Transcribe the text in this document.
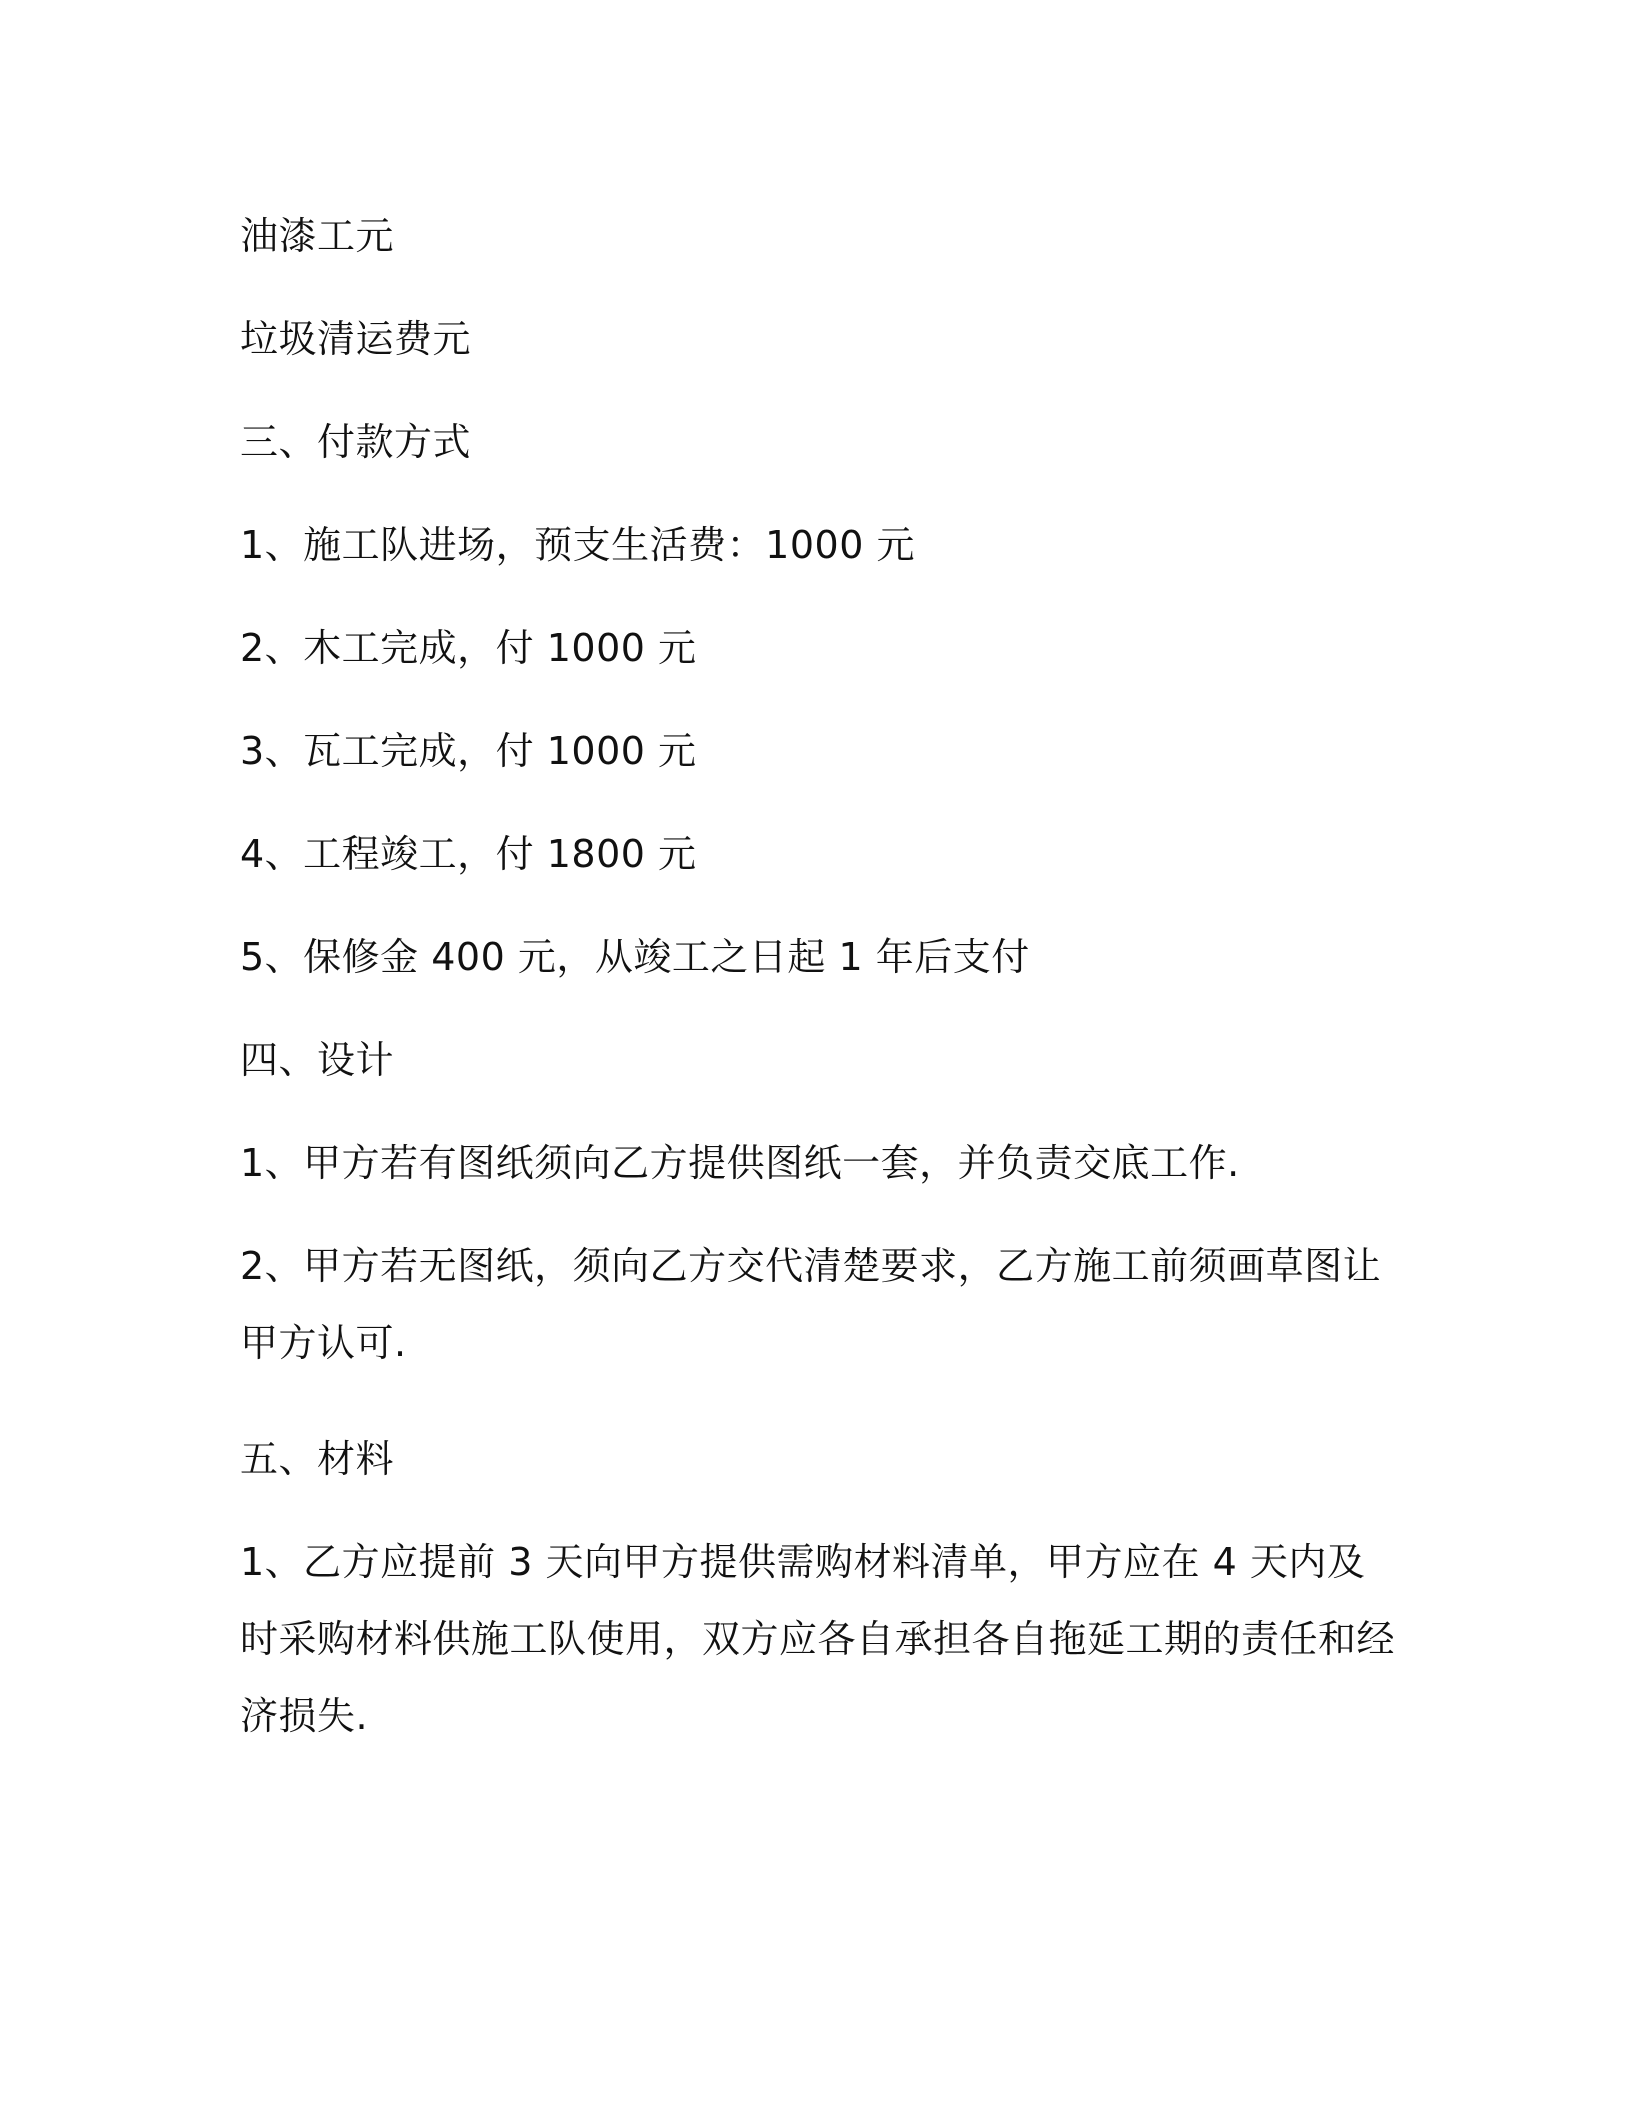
油漆工元

垃圾清运费元

三、付款方式

1、施工队进场，预支生活费：1000 元

2、木工完成，付 1000 元

3、瓦工完成，付 1000 元

4、工程竣工，付 1800 元

5、保修金 400 元，从竣工之日起 1 年后支付

四、设计

1、甲方若有图纸须向乙方提供图纸一套，并负责交底工作.

2、甲方若无图纸，须向乙方交代清楚要求，乙方施工前须画草图让甲方认可.

五、材料

1、乙方应提前 3 天向甲方提供需购材料清单，甲方应在 4 天内及时采购材料供施工队使用，双方应各自承担各自拖延工期的责任和经济损失.
